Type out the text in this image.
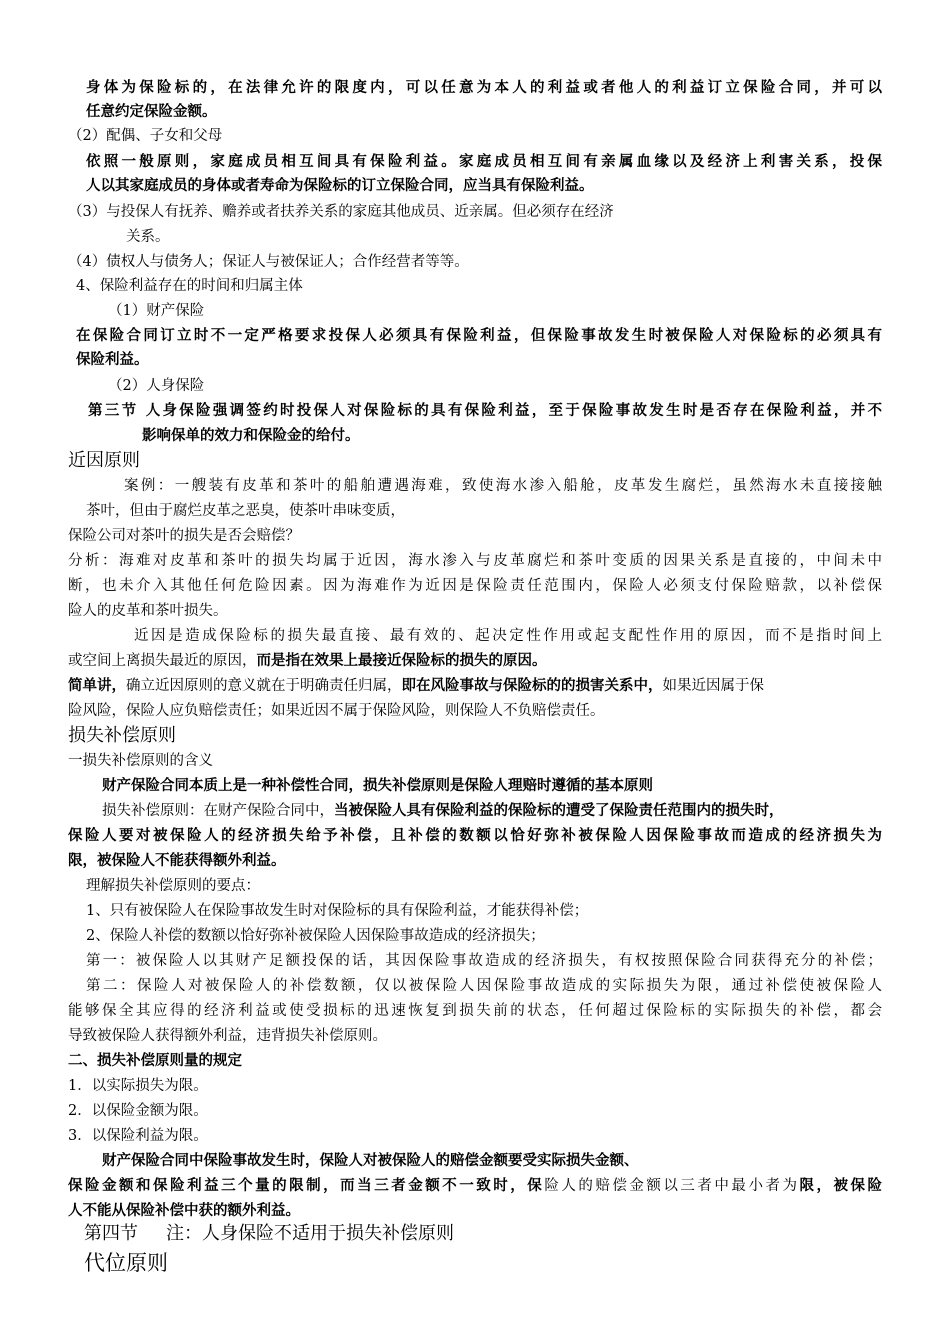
身体为保险标的，在法律允许的限度内，可以任意为本人的利益或者他人的利益订立保险合同，并可以
任意约定保险金额。
（2）配偶、子女和父母
依照一般原则，家庭成员相互间具有保险利益。家庭成员相互间有亲属血缘以及经济上利害关系，投保
人以其家庭成员的身体或者寿命为保险标的订立保险合同，应当具有保险利益。
（3）与投保人有抚养、赡养或者扶养关系的家庭其他成员、近亲属。但必须存在经济
关系。
（4）债权人与债务人；保证人与被保证人；合作经营者等等。
4、保险利益存在的时间和归属主体
（1）财产保险
在保险合同订立时不一定严格要求投保人必须具有保险利益，但保险事故发生时被保险人对保险标的必须具有
保险利益。
（2）人身保险
第三节 人身保险强调签约时投保人对保险标的具有保险利益，至于保险事故发生时是否存在保险利益，并不
影响保单的效力和保险金的给付。
近因原则
案例：一艘装有皮革和茶叶的船舶遭遇海难，致使海水渗入船舱，皮革发生腐烂，虽然海水未直接接触
茶叶，但由于腐烂皮革之恶臭，使茶叶串味变质，
保险公司对茶叶的损失是否会赔偿？
分析：海难对皮革和茶叶的损失均属于近因，海水渗入与皮革腐烂和茶叶变质的因果关系是直接的，中间未中
断，也未介入其他任何危险因素。因为海难作为近因是保险责任范围内，保险人必须支付保险赔款，以补偿保
险人的皮革和茶叶损失。
近因是造成保险标的损失最直接、最有效的、起决定性作用或起支配性作用的原因，而不是指时间上
或空间上离损失最近的原因，而是指在效果上最接近保险标的损失的原因。
简单讲，确立近因原则的意义就在于明确责任归属，即在风险事故与保险标的的损害关系中，如果近因属于保
险风险，保险人应负赔偿责任；如果近因不属于保险风险，则保险人不负赔偿责任。
损失补偿原则
一损失补偿原则的含义
财产保险合同本质上是一种补偿性合同，损失补偿原则是保险人理赔时遵循的基本原则
损失补偿原则：在财产保险合同中，当被保险人具有保险利益的保险标的遭受了保险责任范围内的损失时，
保险人要对被保险人的经济损失给予补偿，且补偿的数额以恰好弥补被保险人因保险事故而造成的经济损失为
限，被保险人不能获得额外利益。
理解损失补偿原则的要点：
1、只有被保险人在保险事故发生时对保险标的具有保险利益，才能获得补偿；
2、保险人补偿的数额以恰好弥补被保险人因保险事故造成的经济损失；
第一：被保险人以其财产足额投保的话，其因保险事故造成的经济损失，有权按照保险合同获得充分的补偿；
第二：保险人对被保险人的补偿数额，仅以被保险人因保险事故造成的实际损失为限，通过补偿使被保险人
能够保全其应得的经济利益或使受损标的迅速恢复到损失前的状态，任何超过保险标的实际损失的补偿，都会
导致被保险人获得额外利益，违背损失补偿原则。
二、损失补偿原则量的规定
1．以实际损失为限。
2．以保险金额为限。
3．以保险利益为限。
财产保险合同中保险事故发生时，保险人对被保险人的赔偿金额要受实际损失金额、
保险金额和保险利益三个量的限制，而当三者金额不一致时，保险人的赔偿金额以三者中最小者为限，被保险
人不能从保险补偿中获的额外利益。
第四节 注：人身保险不适用于损失补偿原则
代位原则
